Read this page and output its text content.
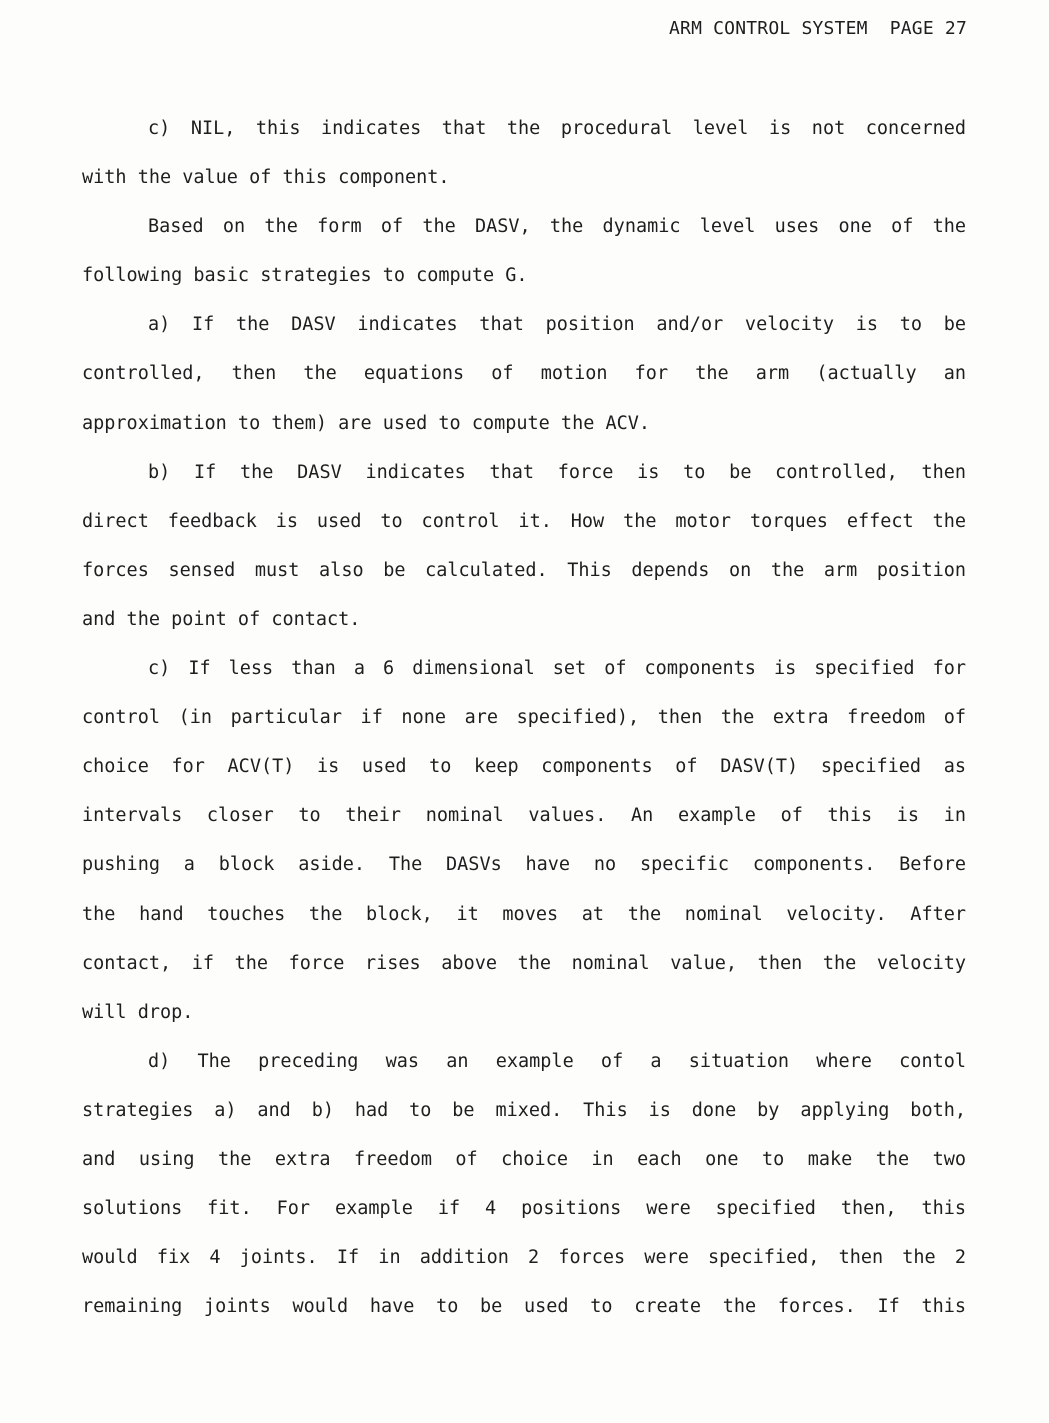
ARM CONTROL SYSTEM  PAGE 27
c) NIL, this indicates that the procedural level is not concerned
with the value of this component.
Based on the form of the DASV, the dynamic level uses one of the
following basic strategies to compute G.
a) If the DASV indicates that position and/or velocity is to be
controlled, then the equations of motion for the arm (actually an
approximation to them) are used to compute the ACV.
b) If the DASV indicates that force is to be controlled, then
direct feedback is used to control it. How the motor torques effect the
forces sensed must also be calculated. This depends on the arm position
and the point of contact.
c) If less than a 6 dimensional set of components is specified for
control (in particular if none are specified), then the extra freedom of
choice for ACV(T) is used to keep components of DASV(T) specified as
intervals closer to their nominal values. An example of this is in
pushing a block aside. The DASVs have no specific components. Before
the hand touches the block, it moves at the nominal velocity. After
contact, if the force rises above the nominal value, then the velocity
will drop.
d) The preceding was an example of a situation where contol
strategies a) and b) had to be mixed. This is done by applying both,
and using the extra freedom of choice in each one to make the two
solutions fit. For example if 4 positions were specified then, this
would fix 4 joints. If in addition 2 forces were specified, then the 2
remaining joints would have to be used to create the forces. If this
